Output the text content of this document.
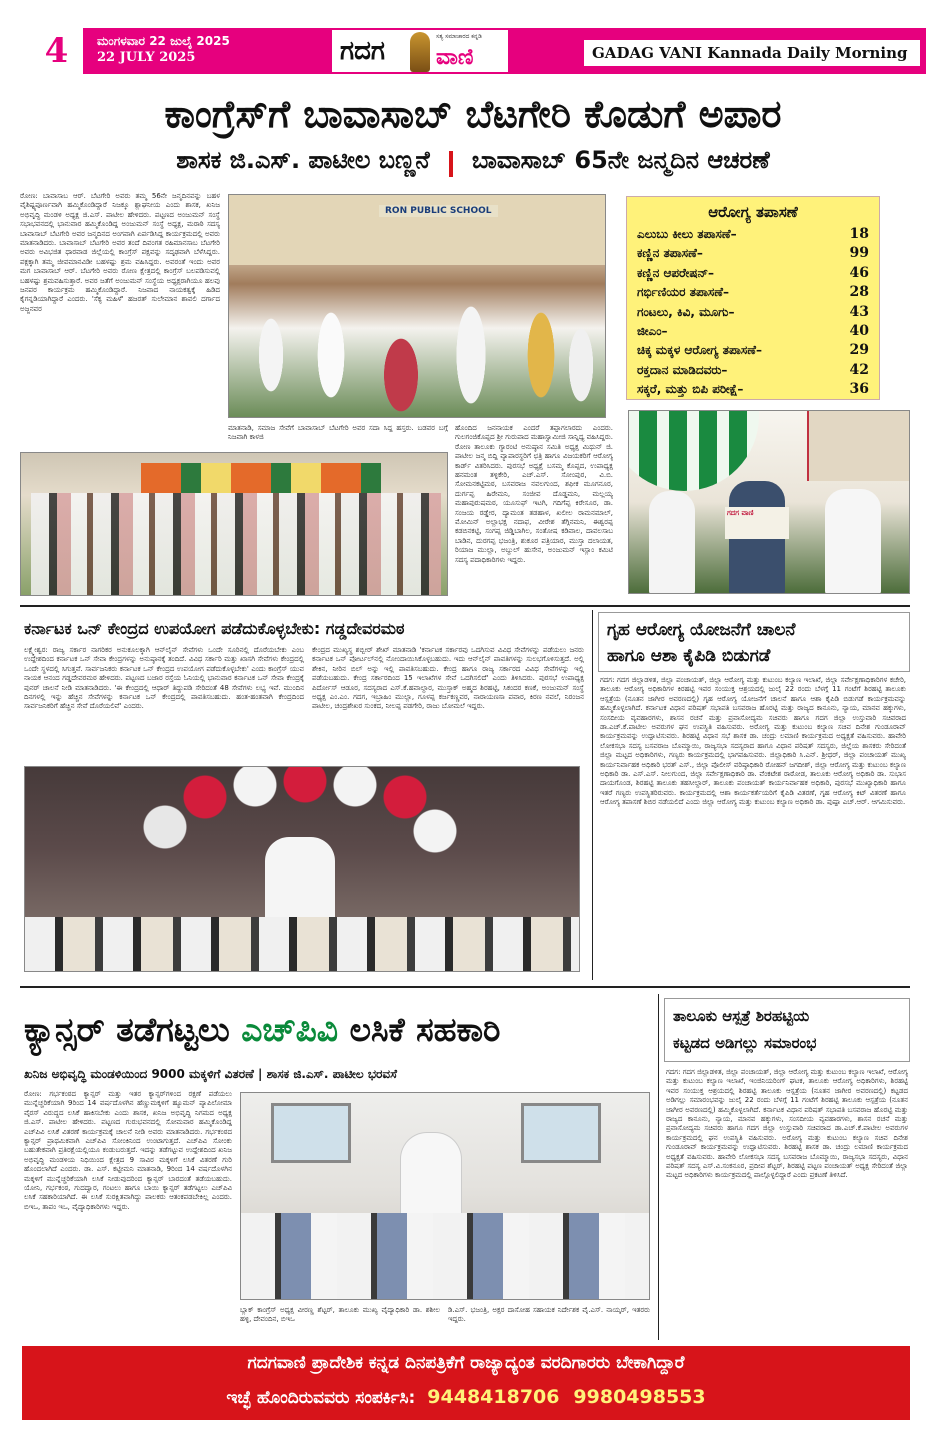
4	ಮಂಗಳವಾರ 22 ಜುಲೈ 2025
22 JULY 2025	ಗದಗ ವಾಣಿ
ಸತ್ಯ ಸಮಾಚಾರದ ಕನ್ನಡಿ
GADAG VANI Kannada Daily Morning
ಕಾಂಗ್ರೆಸ್‌ಗೆ ಬಾವಾಸಾಬ್ ಬೆಟಗೇರಿ ಕೊಡುಗೆ ಅಪಾರ
ಶಾಸಕ ಜಿ.ಎಸ್. ಪಾಟೀಲ ಬಣ್ಣನೆ ಬಾವಾಸಾಬ್ 65ನೇ ಜನ್ಮದಿನ ಆಚರಣೆ
ರೋಣ: ಬಾವಾಸಾಬ ಆರ್. ಬೆಟಗೇರಿ ಅವರು ತಮ್ಮ 56ನೇ ಜನ್ಮದಿನವನ್ನು ಬಹಳ ವೈಶಿಷ್ಟ್ಯಪೂರ್ಣವಾಗಿ ಹಮ್ಮಿಕೊಂಡಿದ್ದಾರೆ ನಿಜಕ್ಕೂ ಶ್ಲಾಘನೀಯ ಎಂದು ಶಾಸಕ, ಖನಿಜ ಅಭಿವೃದ್ಧಿ ಮಂಡಳಿ ಅಧ್ಯಕ್ಷ ಜಿ.ಎಸ್. ಪಾಟೀಲ ಹೇಳಿದರು. ಪಟ್ಟಣದ ಅಂಜುಮನ್ ಸಂಸ್ಥೆ ಸಭಾಭವನದಲ್ಲಿ ಭಾನುವಾರ ಹಮ್ಮಿಕೊಂಡಿದ್ದ ಅಂಜುಮನ್ ಸಂಸ್ಥೆ ಅಧ್ಯಕ್ಷ, ಮರಾಠಿ ಸದಸ್ಯ ಬಾವಾಸಾಬ್ ಬೆಟಗೇರಿ ಅವರ ಜನ್ಮದಿನದ ಅಂಗವಾಗಿ ಏರ್ಪಡಿಸಿದ್ದ ಕಾರ್ಯಕ್ರಮದಲ್ಲಿ ಅವರು ಮಾತನಾಡಿದರು. ಬಾವಾಸಾಬ್ ಬೆಟಗೇರಿ ಅವರ ತಂದೆ ದಿವಂಗತ ರಹಿಮಾನಸಾಬ ಬೆಟಗೇರಿ ಅವರು ಅವಿಭಜಿತ ಧಾರವಾಡ ಜಿಲ್ಲೆಯಲ್ಲಿ ಕಾಂಗ್ರೆಸ್ ಪಕ್ಷವನ್ನು ಸದೃಢವಾಗಿ ಬೆಳೆಸಿದ್ದರು. ಪಕ್ಷಕ್ಕಾಗಿ ತಮ್ಮ ಜೀವಮಾನವಿಡೀ ಬಹಳಷ್ಟು ಶ್ರಮ ವಹಿಸಿದ್ದರು. ಅವರಂತೆ ಇಂದು ಅವರ ಮಗ ಬಾವಾಸಾಬ್ ಆರ್. ಬೆಟಗೇರಿ ಅವರು ರೋಣ ಕ್ಷೇತ್ರದಲ್ಲಿ ಕಾಂಗ್ರೆಸ್ ಬಲಪಡಿಸುವಲ್ಲಿ ಬಹಳಷ್ಟು ಶ್ರಮವಹಿಸುತ್ತಾರೆ. ಅವರ ಜತೆಗೆ ಅಂಜುಮನ್ ಸಂಸ್ಥೆಯ ಅಧ್ಯಕ್ಷರಾಗಿಯೂ ಹಲವು ಜನಪರ ಕಾರ್ಯಕ್ರಮ ಹಮ್ಮಿಕೊಂಡಿದ್ದಾರೆ. ನಿಜವಾದ ನಾಯಕತ್ವಕ್ಕೆ ಹಿಡಿದ ಕೈಗನ್ನಡಿಯಾಗಿದ್ದಾರೆ ಎಂದರು. 'ಸೆಕ್ಯ ಮಹಿಳೆ' ಹಜರತ್ ಸುಲೇಮಾನ ಶಾವಲಿ ದರ್ಗಾದ ಅಜ್ಜನವರ
RON PUBLIC SCHOOL	ಆರೋಗ್ಯ ತಪಾಸಣೆ
ಎಲುಬು ಕೀಲು ತಪಾಸಣೆ–	18
ಕಣ್ಣಿನ ತಪಾಸಣೆ–	99
ಕಣ್ಣಿನ ಆಪರೇಷನ್–	46
ಗರ್ಭಿಣಿಯರ ತಪಾಸಣೆ–	28
ಗಂಟಲು, ಕಿವಿ, ಮೂಗು–	43
ಜೀಎಂ–	40
ಚಿಕ್ಕ ಮಕ್ಕಳ ಆರೋಗ್ಯ ತಪಾಸಣೆ–	29
ರಕ್ತದಾನ ಮಾಡಿದವರು–	42
ಸಕ್ಕರೆ, ಮತ್ತು ಬಿಪಿ ಪರೀಕ್ಷೆ–	36
ಗದಗ ವಾಣಿ
ಮಾತನಾಡಿ, ಸಮಾಜ ಸೇವೆಗೆ ಬಾವಾಸಾಬ್ ಬೆಟಗೇರಿ ಅವರ ಸದಾ ಸಿದ್ದ ಹಸ್ತರು. ಬಡವರ ಬಗ್ಗೆ ನಿಜವಾಗಿ ಕಾಳಜಿ
ಹೊಂದಿದ ಜನನಾಯಕ ಎಂದರೆ ತಪ್ಪಾಗಲಾರದು ಎಂದರು. ಗುಲಗಂಜಿಕೊಪ್ಪದ ಶ್ರೀ ಗುರುಪಾದ ಮಹಾಸ್ವಾಮೀಜಿ ಸಾನ್ನಿಧ್ಯ ವಹಿಸಿದ್ದರು. ರೋಣ ತಾಲೂಕು ಗ್ಯಾರಂಟಿ ಅನುಷ್ಠಾನ ಸಮಿತಿ ಅಧ್ಯಕ್ಷ ಮಿಥುನ್ ಜಿ. ಪಾಟೀಲ ಜನ್ಮ ಬಿದ್ದಿ ವ್ಯಾಪಾರಸ್ಥರಿಗೆ ಛತ್ರಿ ಹಾಗೂ ವಿಜಯಕರಿಗೆ ಆರೋಗ್ಯ ಕಾರ್ಡ್ ವಿತರಿಸಿದರು. ಪುರಸಭೆ ಅಧ್ಯಕ್ಷೆ ಬಸಮ್ಮ ಕೊಪ್ಪದ, ಉಪಾಧ್ಯಕ್ಷ ಹನಮಂತ ತಳ್ಳಿಕೇರಿ, ಎಚ್.ಎಸ್. ಸೋಂಪುರ, ವಿ.ಬಿ. ಸೋಮನಕಟ್ಟಿಮಠ, ಬಸವರಾಜ ನವಲಗುಂದ, ಶಫೀಕ ಮೂಗನೂರ, ದುರ್ಗಪ್ಪ ಹಿರೇಮನಿ, ಸಂಜೀವ ದೊಡ್ಡಮನಿ, ಮಲ್ಲಯ್ಯ ಮಹಾಪುರುಷಮಠ, ಯೂಸುಫ್ ಇಟಗಿ, ಗದಿಗೆಪ್ಪ ಕಿರೇಸೂರ, ಡಾ. ಸಂಜಯ ರಡ್ಡೇರ, ದ್ಯಾಮಂತ ತಡಹಾಳ, ಖಲೀಲ ರಾಮನಮಾಲ್, ಮೋಮಿನ್ ಅಲ್ಲಾಭಕ್ಷ ನದಾಫ, ವೀರೇಶ ತೆಗ್ಗಿನಮನಿ, ಈಶ್ವರಪ್ಪ ಕಡಬಿನಕಟ್ಟಿ, ಸಂಗಪ್ಪ ಜಿಡ್ಡಿಬಾಗಿಲ, ಸಂತೋಷ ಕಡಿವಾಲ, ದಾವಲಸಾಬ ಬಾಡಿನ, ದುರಗಪ್ಪ ಭಜಂತ್ರಿ, ಶುಕೂರ ಪತ್ರಿಯಾರ, ಮುಸ್ತಾ ದಲಾಯತ, ರಿಯಾಜ ಮುಲ್ಲಾ, ಅಬ್ದುಲ್ ಹುಸೇನ, ಅಂಜುಮನ್ ಇಸ್ಲಾಂ ಕಮಿಟಿ ಸದಸ್ಯ ಪದಾಧಿಕಾರಿಗಳು ಇದ್ದರು.
ಕರ್ನಾಟಕ ಒನ್ ಕೇಂದ್ರದ ಉಪಯೋಗ ಪಡೆದುಕೊಳ್ಳಬೇಕು: ಗಡ್ಡದೇವರಮಠ
ಲಕ್ಷ್ಮೇಶ್ವರ: ರಾಜ್ಯ ಸರ್ಕಾರ ನಾಗರಿಕರ ಅನುಕೂಲಕ್ಕಾಗಿ ಆನ್‌ಲೈನ್ ಸೇವೆಗಳು ಒಂದೇ ಸೂರಿನಲ್ಲಿ ದೊರೆಯಬೇಕು ಎಂಬ ಉದ್ದೇಶದಿಂದ ಕರ್ನಾಟಕ ಒನ್ ಸೇವಾ ಕೇಂದ್ರಗಳನ್ನು ಅನುಷ್ಠಾನಕ್ಕೆ ತಂದಿದೆ. ವಿವಿಧ ಸರ್ಕಾರಿ ಮತ್ತು ಖಾಸಗಿ ಸೇವೆಗಳು ಕೇಂದ್ರದಲ್ಲಿ ಒಂದೇ ಸ್ಥಳದಲ್ಲಿ ಸಿಗುತ್ತವೆ. ಸಾರ್ವಜನಿಕರು ಕರ್ನಾಟಕ ಒನ್ ಕೇಂದ್ರದ ಉಪಯೋಗ ಪಡೆದುಕೊಳ್ಳಬೇಕು' ಎಂದು ಕಾಂಗ್ರೆಸ್ ಯುವ ನಾಯಕ ಆನಂದ ಗಡ್ಡದೇವರಮಠ ಹೇಳಿದರು. ಪಟ್ಟಣದ ಬಜಾರ ರಸ್ತೆಯ ಓನಿಯಲ್ಲಿ ಭಾನುವಾರ ಕರ್ನಾಟಕ ಒನ್ ಸೇವಾ ಕೇಂದ್ರಕ್ಕೆ ಪುನರ್ ಚಾಲನೆ ನೀಡಿ ಮಾತನಾಡಿದರು. 'ಈ ಕೇಂದ್ರದಲ್ಲಿ ಆಧಾರ್ ತಿದ್ದುಪಡಿ ಸೇರಿದಂತೆ 48 ಸೇವೆಗಳು ಲಭ್ಯ ಇವೆ. ಮುಂದಿನ ದಿನಗಳಲ್ಲಿ ಇನ್ನು ಹೆಚ್ಚಿನ ಸೇವೆಗಳನ್ನು ಕರ್ನಾಟಕ ಒನ್ ಕೇಂದ್ರದಲ್ಲಿ ಪಾವತಿಸಬಹುದು. ಹಂತ-ಹಂತವಾಗಿ ಕೇಂದ್ರದಿಂದ ಸಾರ್ವಜನಿಕರಿಗೆ ಹೆಚ್ಚಿನ ಸೇವೆ ದೊರೆಯಲಿವೆ' ಎಂದರು.
ಕೇಂದ್ರದ ಮುಖ್ಯಸ್ಥ ಶಬ್ಬೀರ್ ಶೇಖ್ ಮಾತನಾಡಿ 'ಕರ್ನಾಟಕ ಸರ್ಕಾರವು ಒದಗಿಸುವ ವಿವಿಧ ಸೇವೆಗಳನ್ನು ಪಡೆಯಲು ಜನರು ಕರ್ನಾಟಕ ಒನ್ ಪೋರ್ಟಲ್‌ನಲ್ಲಿ ನೋಂದಾಯಿಸಿಕೊಳ್ಳಬಹುದು. ಇದು ಆನ್‌ಲೈನ್ ಪಾವತಿಗಳನ್ನು ಸುಲಭಗೊಳಿಸುತ್ತದೆ. ಅಲ್ಲಿ ಶೇಕಿನ, ನೀರಿನ ಬಿಲ್ ಅನ್ನು ಇಲ್ಲಿ ಪಾವತಿಸಬಹುದು. ಕೇಂದ್ರ ಹಾಗೂ ರಾಜ್ಯ ಸರ್ಕಾರದ ವಿವಿಧ ಸೇವೆಗಳನ್ನು ಇಲ್ಲಿ ಪಡೆಯಬಹುದು. ಕೇಂದ್ರ ಸರ್ಕಾರದಿಂದ 15 ಇಲಾಖೆಗಳ ಸೇವೆ ಒದಗಿಸಲಿದೆ' ಎಂದು ತಿಳಿಸಿದರು. ಪುರಸಭೆ ಉಪಾಧ್ಯಕ್ಷ ಪಿರ್ದೋಸ್ ಆಡೂರ, ಸದಸ್ಯರಾದ ಎಸ್.ಕೆ.ಹವಾಲ್ದಾರ, ಮುಸ್ತಾಕ್ ಅಹ್ಮದ ಶಿರಹಟ್ಟಿ, ಸಿಕಂದರ ಕಣಕೆ, ಅಂಜುಮನ್ ಸಂಸ್ಥೆ ಅಧ್ಯಕ್ಷ ಎಂ.ಎಂ. ಗದಗ, ಇಬ್ರಾಹಿಂ ಮುಲ್ಲಾ, ಗೂಳಪ್ಪ ಕರ್ಜಕಣ್ಣವರ, ನಾರಾಯಣಸಾ ಪವಾರ, ಕಿರಣ ನವಲೆ, ನಿರಂಜನ ಪಾಟೀಲ, ಚಂದ್ರಶೇಖರ ಸುಂಕದ, ನೀಲಪ್ಪ ಪಡಗೇರಿ, ರಾಜು ಬೋಮಲೆ ಇದ್ದರು.
ಗೃಹ ಆರೋಗ್ಯ ಯೋಜನೆಗೆ ಚಾಲನೆ
ಹಾಗೂ ಆಶಾ ಕೈಪಿಡಿ ಬಿಡುಗಡೆ
ಗದಗ: ಗದಗ ಜಿಲ್ಲಾಡಳಿತ, ಜಿಲ್ಲಾ ಪಂಚಾಯತ್, ಜಿಲ್ಲಾ ಆರೋಗ್ಯ ಮತ್ತು ಕುಟುಂಬ ಕಲ್ಯಾಣ ಇಲಾಖೆ, ಜಿಲ್ಲಾ ಸರ್ವೇಕ್ಷಣಾಧಿಕಾರಿಗಳ ಕಚೇರಿ, ತಾಲೂಕು ಆರೋಗ್ಯ ಅಧಿಕಾರಿಗಳ ಕಿರಹಟ್ಟಿ ಇವರ ಸಂಯುಕ್ತ ಆಶ್ರಯದಲ್ಲಿ ಜುಲೈ 22 ರಂದು ಬೆಳಗ್ಗೆ 11 ಗಂಟೆಗೆ ಶಿರಹಟ್ಟಿ ತಾಲೂಕು ಆಸ್ಪತ್ರೆಯ (ನೂತನ ಜಾಗೀರ ಅವರಣದಲ್ಲಿ) ಗೃಹ ಆರೋಗ್ಯ ಯೋಜನೆಗೆ ಚಾಲನೆ ಹಾಗೂ ಆಶಾ ಕೈಪಿಡಿ ಬಿಡುಗಡೆ ಕಾರ್ಯಕ್ರಮವನ್ನು ಹಮ್ಮಿಕೊಳ್ಳಲಾಗಿದೆ. ಕರ್ನಾಟಕ ವಿಧಾನ ಪರಿಷತ್ ಸಭಾಪತಿ ಬಸವರಾಜ ಹೊರಟ್ಟಿ ಮತ್ತು ರಾಜ್ಯದ ಕಾನೂನು, ನ್ಯಾಯ, ಮಾನವ ಹಕ್ಕುಗಳು, ಸಂಸದೀಯ ವ್ಯವಹಾರಗಳು, ಶಾಸನ ರಚನೆ ಮತ್ತು ಪ್ರವಾಸೋದ್ಯಮ ಸಚಿವರು ಹಾಗೂ ಗದಗ ಜಿಲ್ಲಾ ಉಸ್ತುವಾರಿ ಸಚಿವರಾದ ಡಾ.ಎಚ್.ಕೆ.ಪಾಟೀಲ ಅವರುಗಳ ಘನ ಉಪಸ್ಥಿತಿ ವಹಿಸುವರು. ಅರೋಗ್ಯ ಮತ್ತು ಕುಟುಂಬ ಕಲ್ಯಾಣ ಸಚಿವ ದಿನೇಶ ಗುಂಡೂರಾವ್ ಕಾರ್ಯಕ್ರಮವನ್ನು ಉದ್ಘಾಟಿಸುವರು. ಶಿರಹಟ್ಟಿ ವಿಧಾನ ಸಭೆ ಶಾಸಕ ಡಾ. ಚಂದ್ರು ಲಮಾಣಿ ಕಾರ್ಯಕ್ರಮದ ಅಧ್ಯಕ್ಷತೆ ವಹಿಸುವರು. ಹಾವೇರಿ ಲೋಕಸಭಾ ಸದಸ್ಯ ಬಸವರಾಜ ಬೊಮ್ಮಾಯಿ, ರಾಜ್ಯಸಭಾ ಸದಸ್ಯರಾದ ಹಾಗೂ ವಿಧಾನ ಪರಿಷತ್ ಸದಸ್ಯರು, ಜಿಲ್ಲೆಯ ಶಾಸಕರು ಸೇರಿದಂತೆ ಜಿಲ್ಲಾ ಮಟ್ಟದ ಅಧಿಕಾರಿಗಳು, ಗಣ್ಯರು ಕಾರ್ಯಕ್ರಮದಲ್ಲಿ ಭಾಗವಹಿಸುವರು. ಜಿಲ್ಲಾಧಿಕಾರಿ ಸಿ.ಎನ್. ಶ್ರೀಧರ್, ಜಿಲ್ಲಾ ಪಂಚಾಯತ್ ಮುಖ್ಯ ಕಾರ್ಯನಿರ್ವಾಹಕ ಅಧಿಕಾರಿ ಭರತ್ ಎಸ್., ಜಿಲ್ಲಾ ಪೊಲೀಸ್ ವರಿಷ್ಠಾಧಿಕಾರಿ ರೋಹನ್ ಜಗದೀಶ್, ಜಿಲ್ಲಾ ಆರೋಗ್ಯ ಮತ್ತು ಕುಟುಂಬ ಕಲ್ಯಾಣ ಅಧಿಕಾರಿ ಡಾ. ಎಸ್.ಎಸ್. ನೀಲಗುಂದ, ಜಿಲ್ಲಾ ಸರ್ವೇಕ್ಷಣಾಧಿಕಾರಿ ಡಾ. ವೆಂಕಟೇಶ ರಾಠೋಡ, ತಾಲೂಕು ಆರೋಗ್ಯ ಅಧಿಕಾರಿ ಡಾ. ಸುಭಾಸ ದಾಯಗೊಂಡ, ಶಿರಹಟ್ಟಿ ತಾಲೂಕು ತಹಸೀಲ್ದಾರ್, ತಾಲೂಕು ಪಂಚಾಯತ್ ಕಾರ್ಯನಿರ್ವಾಹಕ ಅಧಿಕಾರಿ, ಪುರಸಭೆ ಮುಖ್ಯಾಧಿಕಾರಿ ಹಾಗೂ ಇತರೆ ಗಣ್ಯರು ಉಪಸ್ಥಿತರಿರುವರು. ಕಾರ್ಯಕ್ರಮದಲ್ಲಿ ಆಶಾ ಕಾರ್ಯಕರ್ತೆಯರಿಗೆ ಕೈಪಿಡಿ ವಿತರಣೆ, ಗೃಹ ಆರೋಗ್ಯ ಕಿಟ್ ವಿತರಣೆ ಹಾಗೂ ಆರೋಗ್ಯ ತಪಾಸಣೆ ಶಿಬಿರ ನಡೆಯಲಿದೆ ಎಂದು ಜಿಲ್ಲಾ ಆರೋಗ್ಯ ಮತ್ತು ಕುಟುಂಬ ಕಲ್ಯಾಣ ಅಧಿಕಾರಿ ಡಾ. ಪುಷ್ಪಾ ಎಚ್.ಆರ್. ಆಗಮಿಸುವರು.
ಕ್ಯಾನ್ಸರ್ ತಡೆಗಟ್ಟಲು ಎಚ್‌ಪಿವಿ ಲಸಿಕೆ ಸಹಕಾರಿ
ಖನಿಜ ಅಭಿವೃದ್ಧಿ ಮಂಡಳಿಯಿಂದ 9000 ಮಕ್ಕಳಿಗೆ ವಿತರಣೆ | ಶಾಸಕ ಜಿ.ಎಸ್. ಪಾಟೀಲ ಭರವಸೆ
ರೋಣ: ಗರ್ಭಕಂಠದ ಕ್ಯಾನ್ಸರ್ ಮತ್ತು ಇತರ ಕ್ಯಾನ್ಸರ್‌ಗಳಿಂದ ರಕ್ಷಣೆ ಪಡೆಯಲು ಮುನ್ನೆಚ್ಚರಿಕೆಯಾಗಿ 9ರಿಂದ 14 ವರ್ಷದೊಳಗಿನ ಹೆಣ್ಣುಮಕ್ಕಳಿಗೆ ಹ್ಯೂಮನ್ ಪ್ಯಾಪಿಲೋಮಾ ವೈರಸ್ ವಿರುದ್ಧದ ಲಸಿಕೆ ಹಾಕಿಸಬೇಕು ಎಂದು ಶಾಸಕ, ಖನಿಜ ಅಭಿವೃದ್ಧಿ ನಿಗಮದ ಅಧ್ಯಕ್ಷ ಜಿ.ಎಸ್. ಪಾಟೀಲ ಹೇಳಿದರು. ಪಟ್ಟಣದ ಗುರುಭವನದಲ್ಲಿ ಸೋಮವಾರ ಹಮ್ಮಿಕೊಂಡಿದ್ದ ಎಚ್‌ಪಿವಿ ಲಸಿಕೆ ವಿತರಣೆ ಕಾರ್ಯಕ್ರಮಕ್ಕೆ ಚಾಲನೆ ನೀಡಿ ಅವರು ಮಾತನಾಡಿದರು. ಗರ್ಭಕಂಠದ ಕ್ಯಾನ್ಸರ್ ಪ್ರಾಥಮಿಕವಾಗಿ ಎಚ್‌ಪಿವಿ ಸೋಂಕಿನಿಂದ ಉಂಟಾಗುತ್ತದೆ. ಎಚ್‌ಪಿವಿ ಸೋಂಕು ಬಹುತೇಕವಾಗಿ ಪ್ರತಿರಕ್ಷೆಯಲ್ಲಿಯೂ ಕಂಡುಬರುತ್ತದೆ. ಇದನ್ನು ತಡೆಗಟ್ಟುವ ಉದ್ದೇಶದಿಂದ ಖನಿಜ ಅಭಿವೃದ್ಧಿ ಮಂಡಳಿಯ ನಿಧಿಯಿಂದ ಕ್ಷೇತ್ರದ 9 ಸಾವಿರ ಮಕ್ಕಳಿಗೆ ಲಸಿಕೆ ವಿತರಣೆ ಗುರಿ ಹೊಂದಲಾಗಿದೆ ಎಂದರು. ಡಾ. ಎಸ್. ಕಟ್ಟೀಮನಿ ಮಾತನಾಡಿ, 9ರಿಂದ 14 ವರ್ಷದೊಳಗಿನ ಮಕ್ಕಳಿಗೆ ಮುನ್ನೆಚ್ಚರಿಕೆಯಾಗಿ ಲಸಿಕೆ ನೀಡುವುದರಿಂದ ಕ್ಯಾನ್ಸರ್ ಬಾರದಂತೆ ತಡೆಯಬಹುದು. ಯೋನಿ, ಗರ್ಭಕಂಠ, ಗುದದ್ವಾರ, ಗಂಟಲು ಹಾಗೂ ಬಾಯಿ ಕ್ಯಾನ್ಸರ್ ತಡೆಗಟ್ಟಲು ಎಚ್‌ಪಿವಿ ಲಸಿಕೆ ಸಹಕಾರಿಯಾಗಿದೆ. ಈ ಲಸಿಕೆ ಸುರಕ್ಷಿತವಾಗಿದ್ದು ಪಾಲಕರು ಆತಂಕಪಡಬೇಕಿಲ್ಲ ಎಂದರು. ಬಿಇಒ, ತಾಪಂ ಇಒ, ವೈದ್ಯಾಧಿಕಾರಿಗಳು ಇದ್ದರು.
ಬ್ಲಾಕ್ ಕಾಂಗ್ರೆಸ್ ಅಧ್ಯಕ್ಷ ವೀರಣ್ಣ ಶೆಟ್ಟರ್, ತಾಲೂಕು ಮುಖ್ಯ ವೈದ್ಯಾಧಿಕಾರಿ ಡಾ. ಶಶೀಲ ಹಳ್ಳಿ, ದೇವಂದಿನ, ಬಿಇಒ
ಡಿ.ಎಸ್. ಭಜಂತ್ರಿ, ಅಕ್ಷರ ದಾಸೋಹ ಸಹಾಯಕ ನಿರ್ದೇಶಕ ವೈ.ಎಸ್. ನಾಯ್ಕರ್, ಇತರರು ಇದ್ದರು.
ತಾಲೂಕು ಆಸ್ಪತ್ರೆ ಶಿರಹಟ್ಟಿಯ
ಕಟ್ಟಡದ ಅಡಿಗಲ್ಲು ಸಮಾರಂಭ
ಗದಗ: ಗದಗ ಜಿಲ್ಲಾಡಳಿತ, ಜಿಲ್ಲಾ ಪಂಚಾಯತ್, ಜಿಲ್ಲಾ ಆರೋಗ್ಯ ಮತ್ತು ಕುಟುಂಬ ಕಲ್ಯಾಣ ಇಲಾಖೆ, ಆರೋಗ್ಯ ಮತ್ತು ಕುಟುಂಬ ಕಲ್ಯಾಣ ಇಲಾಖೆ, ಇಂಜಿನಿಯರಿಂಗ್ ಘಟಕ, ತಾಲೂಕು ಆರೋಗ್ಯ ಅಧಿಕಾರಿಗಳು, ಶಿರಹಟ್ಟಿ ಇವರ ಸಂಯುಕ್ತ ಆಶ್ರಯದಲ್ಲಿ ಶಿರಹಟ್ಟಿ ತಾಲೂಕು ಆಸ್ಪತ್ರೆಯ (ನೂತನ ಜಾಗೀರ ಅವರಣದಲ್ಲಿ) ಕಟ್ಟಡದ ಅಡಿಗಲ್ಲು ಸಮಾರಂಭವನ್ನು ಜುಲೈ 22 ರಂದು ಬೆಳಗ್ಗೆ 11 ಗಂಟೆಗೆ ಶಿರಹಟ್ಟಿ ತಾಲೂಕು ಆಸ್ಪತ್ರೆಯ (ನೂತನ ಜಾಗೀರ ಅವರಣದಲ್ಲಿ) ಹಮ್ಮಿಕೊಳ್ಳಲಾಗಿದೆ. ಕರ್ನಾಟಕ ವಿಧಾನ ಪರಿಷತ್ ಸಭಾಪತಿ ಬಸವರಾಜ ಹೊರಟ್ಟಿ ಮತ್ತು ರಾಜ್ಯದ ಕಾನೂನು, ನ್ಯಾಯ, ಮಾನವ ಹಕ್ಕುಗಳು, ಸಂಸದೀಯ ವ್ಯವಹಾರಗಳು, ಶಾಸನ ರಚನೆ ಮತ್ತು ಪ್ರವಾಸೋದ್ಯಮ ಸಚಿವರು ಹಾಗೂ ಗದಗ ಜಿಲ್ಲಾ ಉಸ್ತುವಾರಿ ಸಚಿವರಾದ ಡಾ.ಎಚ್.ಕೆ.ಪಾಟೀಲ ಅವರುಗಳ ಕಾರ್ಯಕ್ರಮದಲ್ಲಿ ಘನ ಉಪಸ್ಥಿತಿ ವಹಿಸುವರು. ಅರೋಗ್ಯ ಮತ್ತು ಕುಟುಂಬ ಕಲ್ಯಾಣ ಸಚಿವ ದಿನೇಶ ಗುಂಡೂರಾವ್ ಕಾರ್ಯಕ್ರಮವನ್ನು ಉದ್ಘಾಟಿಸುವರು. ಶಿರಹಟ್ಟಿ ಶಾಸಕ ಡಾ. ಚಂದ್ರು ಲಮಾಣಿ ಕಾರ್ಯಕ್ರಮದ ಅಧ್ಯಕ್ಷತೆ ವಹಿಸುವರು. ಹಾವೇರಿ ಲೋಕಸಭಾ ಸದಸ್ಯ ಬಸವರಾಜ ಬೊಮ್ಮಾಯಿ, ರಾಜ್ಯಸಭಾ ಸದಸ್ಯರು, ವಿಧಾನ ಪರಿಷತ್ ಸದಸ್ಯ ಎಸ್.ವಿ.ಸಂಕನೂರ, ಪ್ರದೀಪ ಶೆಟ್ಟರ್, ಶಿರಹಟ್ಟಿ ಪಟ್ಟಣ ಪಂಚಾಯತ್ ಅಧ್ಯಕ್ಷ ಸೇರಿದಂತೆ ಜಿಲ್ಲಾ ಮಟ್ಟದ ಅಧಿಕಾರಿಗಳು ಕಾರ್ಯಕ್ರಮದಲ್ಲಿ ಪಾಲ್ಗೊಳ್ಳಲಿದ್ದಾರೆ ಎಂದು ಪ್ರಕಟಣೆ ತಿಳಿಸಿದೆ.
ಗದಗವಾಣಿ ಪ್ರಾದೇಶಿಕ ಕನ್ನಡ ದಿನಪತ್ರಿಕೆಗೆ ರಾಜ್ಯಾದ್ಯಂತ ವರದಿಗಾರರು ಬೇಕಾಗಿದ್ದಾರೆ
ಇಚ್ಛೆ ಹೊಂದಿರುವವರು ಸಂಪರ್ಕಿಸಿ: 9448418706 9980498553
